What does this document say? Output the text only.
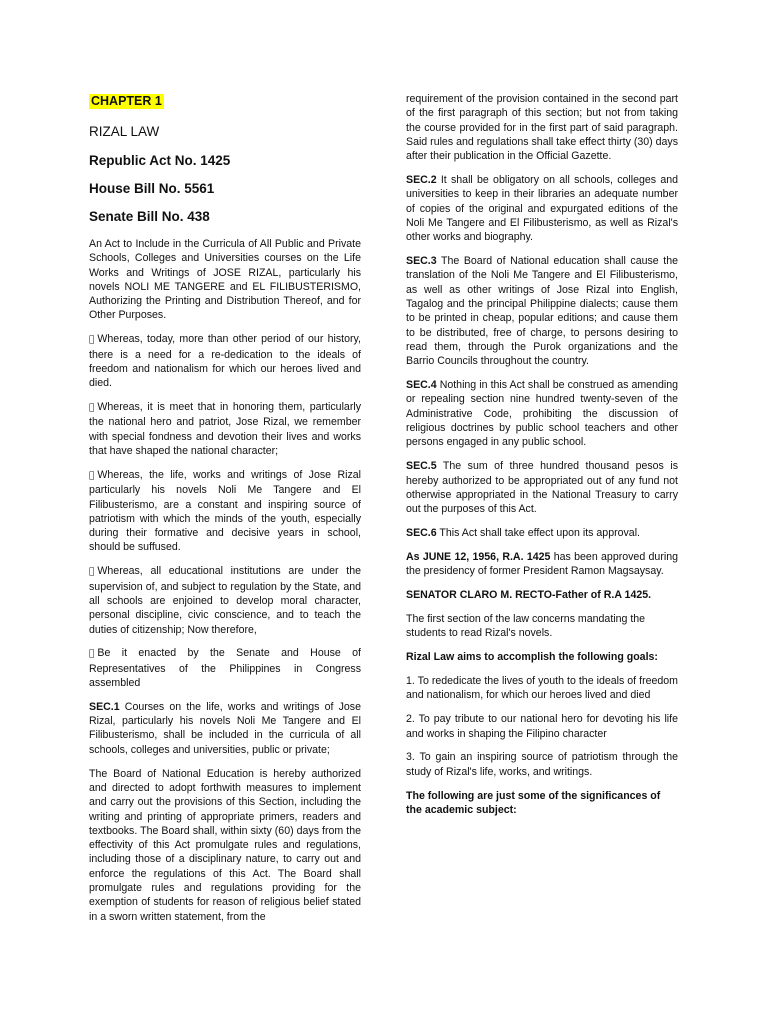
CHAPTER 1
RIZAL LAW
Republic Act No. 1425
House Bill No. 5561
Senate Bill No. 438

An Act to Include in the Curricula of All Public and Private Schools, Colleges and Universities courses on the Life Works and Writings of JOSE RIZAL, particularly his novels NOLI ME TANGERE and EL FILIBUSTERISMO, Authorizing the Printing and Distribution Thereof, and for Other Purposes.

Whereas, today, more than other period of our history, there is a need for a re-dedication to the ideals of freedom and nationalism for which our heroes lived and died.

Whereas, it is meet that in honoring them, particularly the national hero and patriot, Jose Rizal, we remember with special fondness and devotion their lives and works that have shaped the national character;

Whereas, the life, works and writings of Jose Rizal particularly his novels Noli Me Tangere and El Filibusterismo, are a constant and inspiring source of patriotism with which the minds of the youth, especially during their formative and decisive years in school, should be suffused.

Whereas, all educational institutions are under the supervision of, and subject to regulation by the State, and all schools are enjoined to develop moral character, personal discipline, civic conscience, and to teach the duties of citizenship; Now therefore,

Be it enacted by the Senate and House of Representatives of the Philippines in Congress assembled

SEC.1 Courses on the life, works and writings of Jose Rizal, particularly his novels Noli Me Tangere and El Filibusterismo, shall be included in the curricula of all schools, colleges and universities, public or private;

The Board of National Education is hereby authorized and directed to adopt forthwith measures to implement and carry out the provisions of this Section, including the writing and printing of appropriate primers, readers and textbooks. The Board shall, within sixty (60) days from the effectivity of this Act promulgate rules and regulations, including those of a disciplinary nature, to carry out and enforce the regulations of this Act. The Board shall promulgate rules and regulations providing for the exemption of students for reason of religious belief stated in a sworn written statement, from the

requirement of the provision contained in the second part of the first paragraph of this section; but not from taking the course provided for in the first part of said paragraph. Said rules and regulations shall take effect thirty (30) days after their publication in the Official Gazette.

SEC.2 It shall be obligatory on all schools, colleges and universities to keep in their libraries an adequate number of copies of the original and expurgated editions of the Noli Me Tangere and El Filibusterismo, as well as Rizal's other works and biography.

SEC.3 The Board of National education shall cause the translation of the Noli Me Tangere and El Filibusterismo, as well as other writings of Jose Rizal into English, Tagalog and the principal Philippine dialects; cause them to be printed in cheap, popular editions; and cause them to be distributed, free of charge, to persons desiring to read them, through the Purok organizations and the Barrio Councils throughout the country.

SEC.4 Nothing in this Act shall be construed as amending or repealing section nine hundred twenty-seven of the Administrative Code, prohibiting the discussion of religious doctrines by public school teachers and other persons engaged in any public school.

SEC.5 The sum of three hundred thousand pesos is hereby authorized to be appropriated out of any fund not otherwise appropriated in the National Treasury to carry out the purposes of this Act.

SEC.6 This Act shall take effect upon its approval.

As JUNE 12, 1956, R.A. 1425 has been approved during the presidency of former President Ramon Magsaysay.

SENATOR CLARO M. RECTO-Father of R.A 1425.

The first section of the law concerns mandating the students to read Rizal's novels.

Rizal Law aims to accomplish the following goals:

1. To rededicate the lives of youth to the ideals of freedom and nationalism, for which our heroes lived and died

2. To pay tribute to our national hero for devoting his life and works in shaping the Filipino character

3. To gain an inspiring source of patriotism through the study of Rizal's life, works, and writings.

The following are just some of the significances of the academic subject:
